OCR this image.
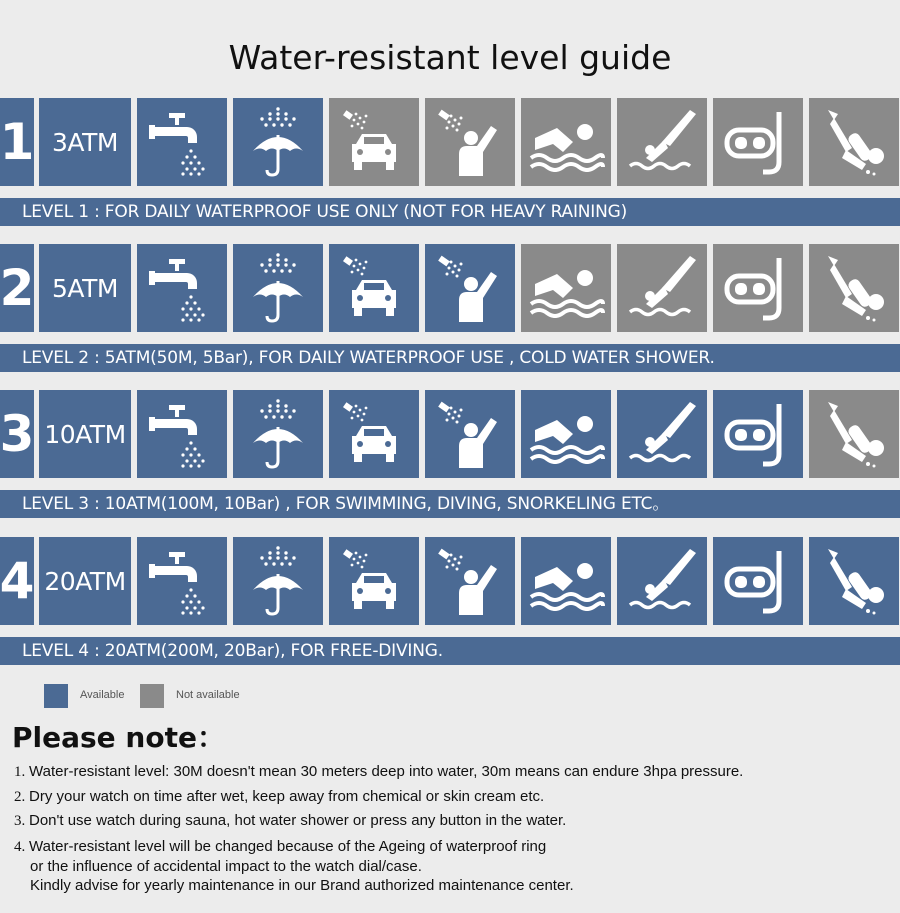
Water-resistant level guide
1 3ATM
LEVEL 1 : FOR DAILY WATERPROOF USE ONLY (NOT FOR HEAVY RAINING)
2 5ATM
LEVEL 2 : 5ATM(50M, 5Bar), FOR DAILY WATERPROOF USE , COLD WATER SHOWER.
3 10ATM
LEVEL 3 : 10ATM(100M, 10Bar) , FOR SWIMMING, DIVING, SNORKELING ETC。
4 20ATM
LEVEL 4 : 20ATM(200M, 20Bar), FOR FREE-DIVING.
Available	Not available
Please note：
1. Water-resistant level: 30M doesn't mean 30 meters deep into water, 30m means can endure 3hpa pressure.
2. Dry your watch on time after wet, keep away from chemical or skin cream etc.
3. Don't use watch during sauna, hot water shower or press any button in the water.
4. Water-resistant level will be changed because of the Ageing of waterproof ring
or the influence of accidental impact to the watch dial/case.
Kindly advise for yearly maintenance in our Brand authorized maintenance center.
